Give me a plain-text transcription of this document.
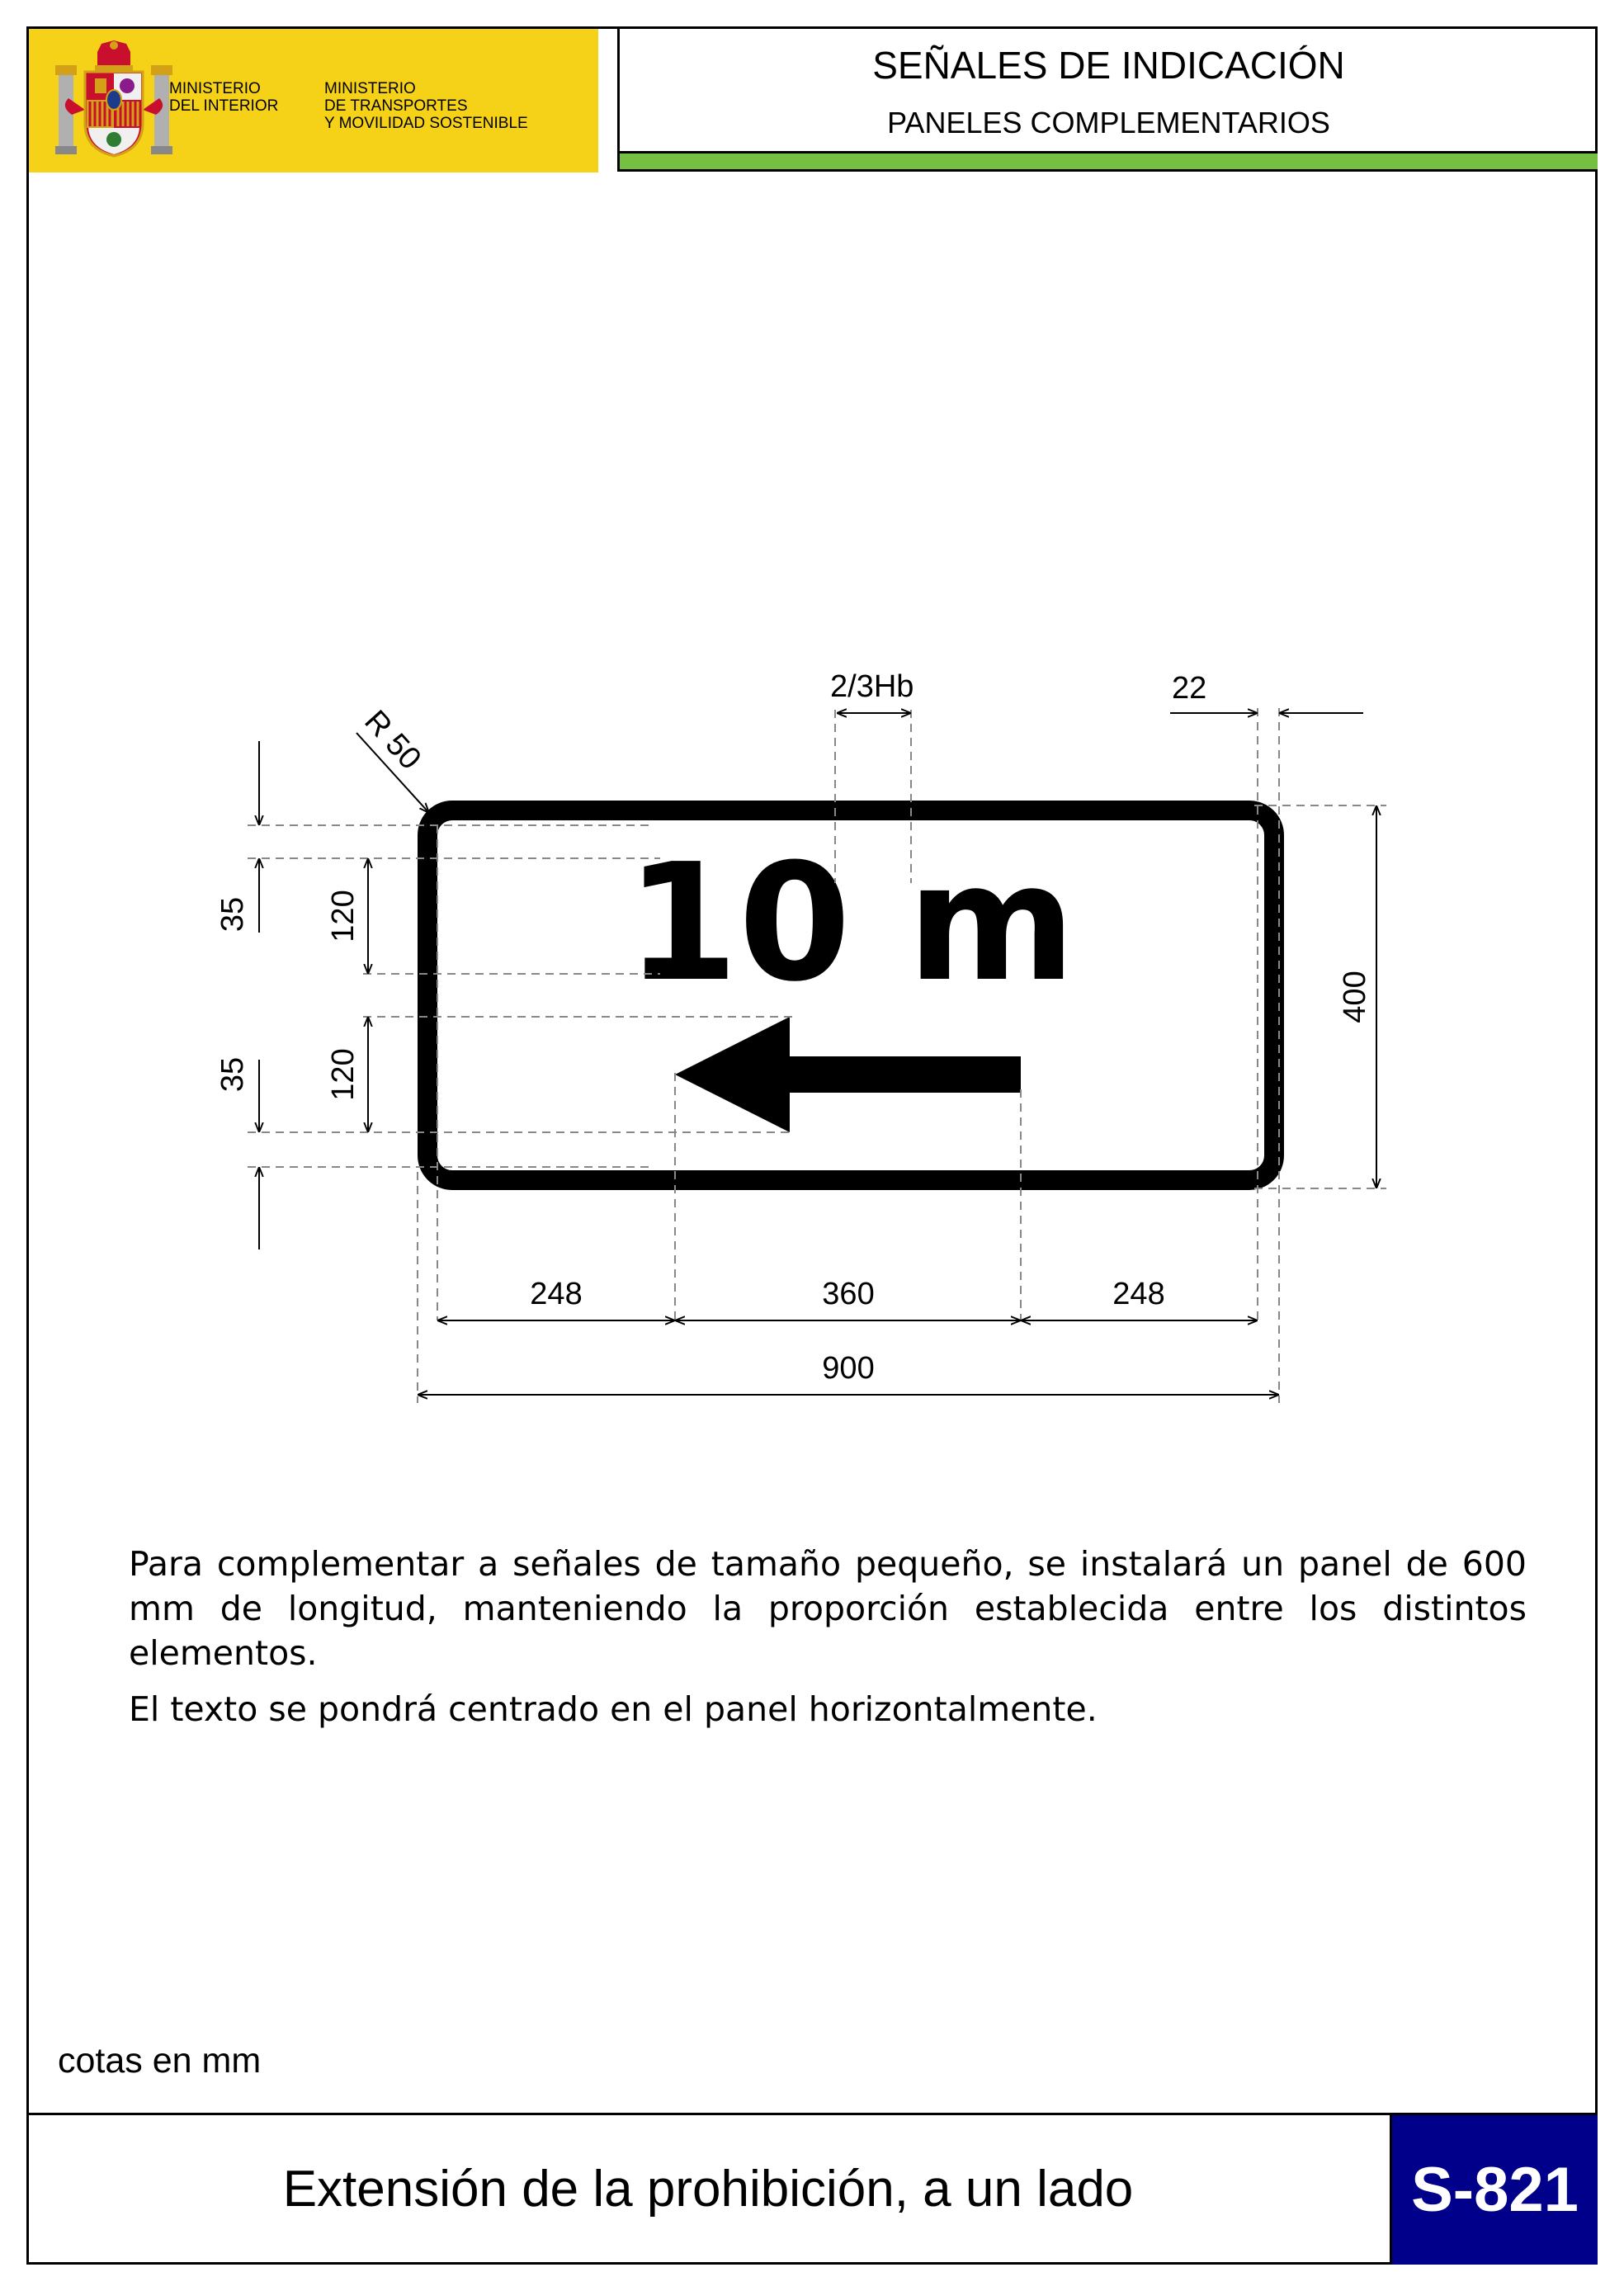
MINISTERIO
DEL INTERIOR
MINISTERIO
DE TRANSPORTES
Y MOVILIDAD SOSTENIBLE
SEÑALES DE INDICACIÓN
PANELES COMPLEMENTARIOS
10 m
R 50
2/3Hb	22
400
35 120
120
35
248	360	248
900
Para complementar a señales de tamaño pequeño, se instalará un panel de 600 mm de longitud, manteniendo la proporción establecida entre los distintos elementos.
El texto se pondrá centrado en el panel horizontalmente.
cotas en mm
Extensión de la prohibición, a un lado	S-821
